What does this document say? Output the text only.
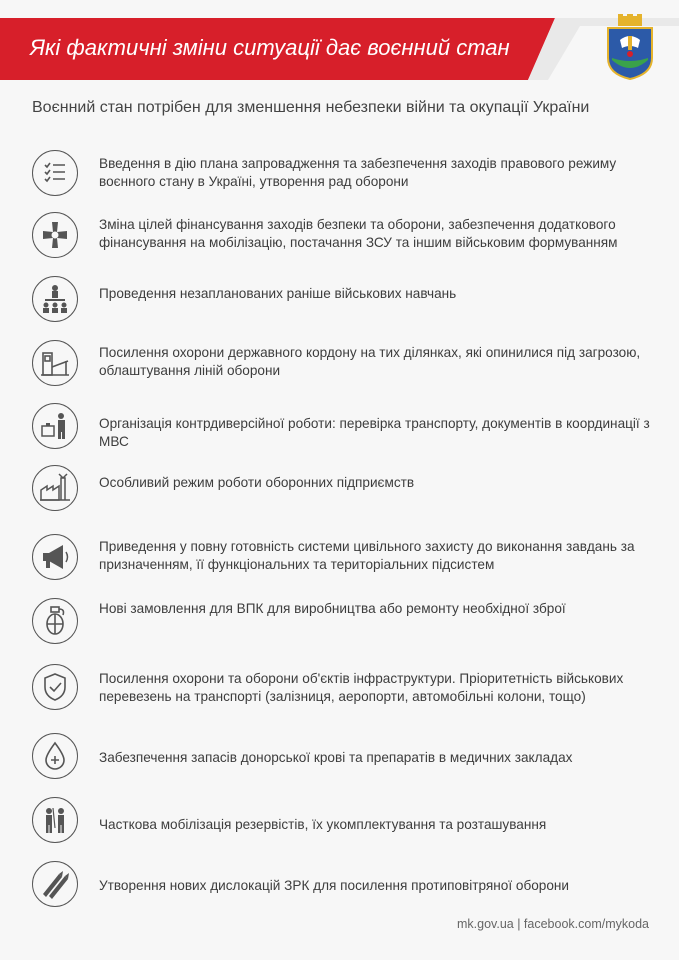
Які фактичні зміни ситуації дає воєнний стан
Воєнний стан потрібен для зменшення небезпеки війни та окупації України
Введення в дію плана запровадження та забезпечення заходів правового режиму воєнного стану в Україні, утворення рад оборони
Зміна цілей фінансування заходів безпеки та оборони, забезпечення додаткового фінансування на мобілізацію, постачання ЗСУ та іншим військовим формуванням
Проведення незапланованих раніше військових навчань
Посилення охорони державного кордону на тих ділянках, які опинилися під загрозою, облаштування ліній оборони
Організація контрдиверсійної роботи: перевірка транспорту, документів в координації з МВС
Особливий режим роботи оборонних підприємств
Приведення у повну готовність системи цивільного захисту до виконання завдань за призначенням, її функціональних та територіальних підсистем
Нові замовлення для ВПК для виробництва або ремонту необхідної зброї
Посилення охорони та оборони об'єктів інфраструктури. Пріоритетність військових перевезень на транспорті (залізниця, аеропорти, автомобільні колони, тощо)
Забезпечення запасів донорської крові та препаратів в медичних закладах
Часткова мобілізація резервістів, їх укомплектування та розташування
Утворення нових дислокацій ЗРК для посилення протиповітряної оборони
mk.gov.ua | facebook.com/mykoda
